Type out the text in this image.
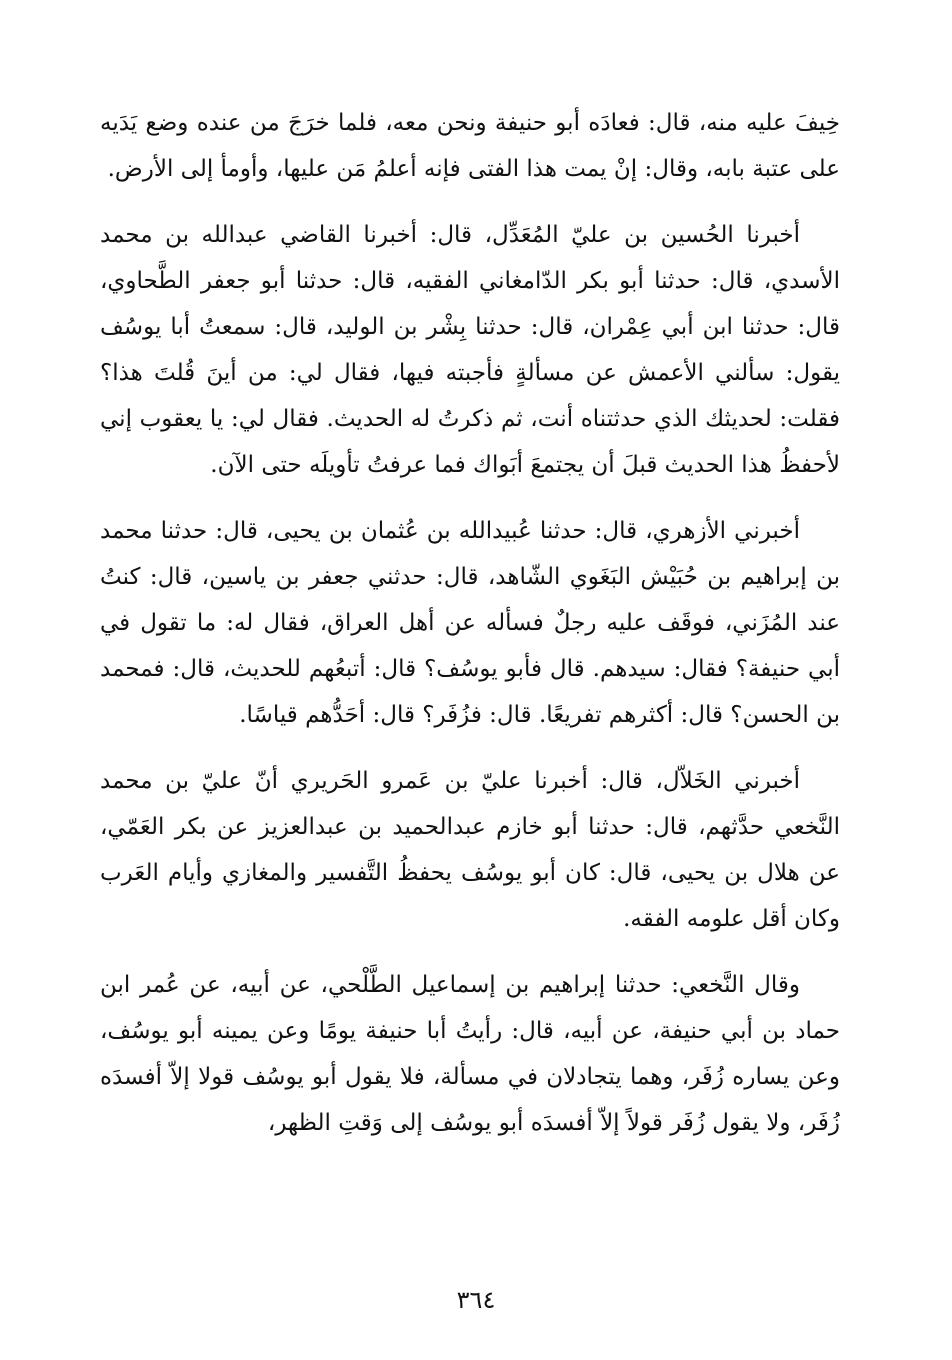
خِيفَ عليه منه، قال: فعادَه أبو حنيفة ونحن معه، فلما خرَجَ من عنده وضع يَدَيه على عتبة بابه، وقال: إنْ يمت هذا الفتى فإنه أعلمُ مَن عليها، وأومأ إلى الأرض.

أخبرنا الحُسين بن عليّ المُعَدِّل، قال: أخبرنا القاضي عبدالله بن محمد الأسدي، قال: حدثنا أبو بكر الدّامغاني الفقيه، قال: حدثنا أبو جعفر الطَّحاوي، قال: حدثنا ابن أبي عِمْران، قال: حدثنا بِشْر بن الوليد، قال: سمعتُ أبا يوسُف يقول: سألني الأعمش عن مسألةٍ فأجبته فيها، فقال لي: من أينَ قُلتَ هذا؟ فقلت: لحديثك الذي حدثتناه أنت، ثم ذكرتُ له الحديث. فقال لي: يا يعقوب إني لأحفظُ هذا الحديث قبلَ أن يجتمعَ أبَواك فما عرفتُ تأويلَه حتى الآن.

أخبرني الأزهري، قال: حدثنا عُبيدالله بن عُثمان بن يحيى، قال: حدثنا محمد بن إبراهيم بن حُبَيْش البَغَوي الشّاهد، قال: حدثني جعفر بن ياسين، قال: كنتُ عند المُزَني، فوقَف عليه رجلٌ فسأله عن أهل العراق، فقال له: ما تقول في أبي حنيفة؟ فقال: سيدهم. قال فأبو يوسُف؟ قال: أتبعُهم للحديث، قال: فمحمد بن الحسن؟ قال: أكثرهم تفريعًا. قال: فزُفَر؟ قال: أحَدُّهم قياسًا.

أخبرني الخَلاّل، قال: أخبرنا عليّ بن عَمرو الحَريري أنّ عليّ بن محمد النَّخعي حدَّثهم، قال: حدثنا أبو خازم عبدالحميد بن عبدالعزيز عن بكر العَمّي، عن هلال بن يحيى، قال: كان أبو يوسُف يحفظُ التَّفسير والمغازي وأيام العَرب وكان أقل علومه الفقه.

وقال النَّخعي: حدثنا إبراهيم بن إسماعيل الطَّلْحي، عن أبيه، عن عُمر ابن حماد بن أبي حنيفة، عن أبيه، قال: رأيتُ أبا حنيفة يومًا وعن يمينه أبو يوسُف، وعن يساره زُفَر، وهما يتجادلان في مسألة، فلا يقول أبو يوسُف قولا إلاّ أفسدَه زُفَر، ولا يقول زُفَر قولاً إلاّ أفسدَه أبو يوسُف إلى وَقتِ الظهر،

٣٦٤
